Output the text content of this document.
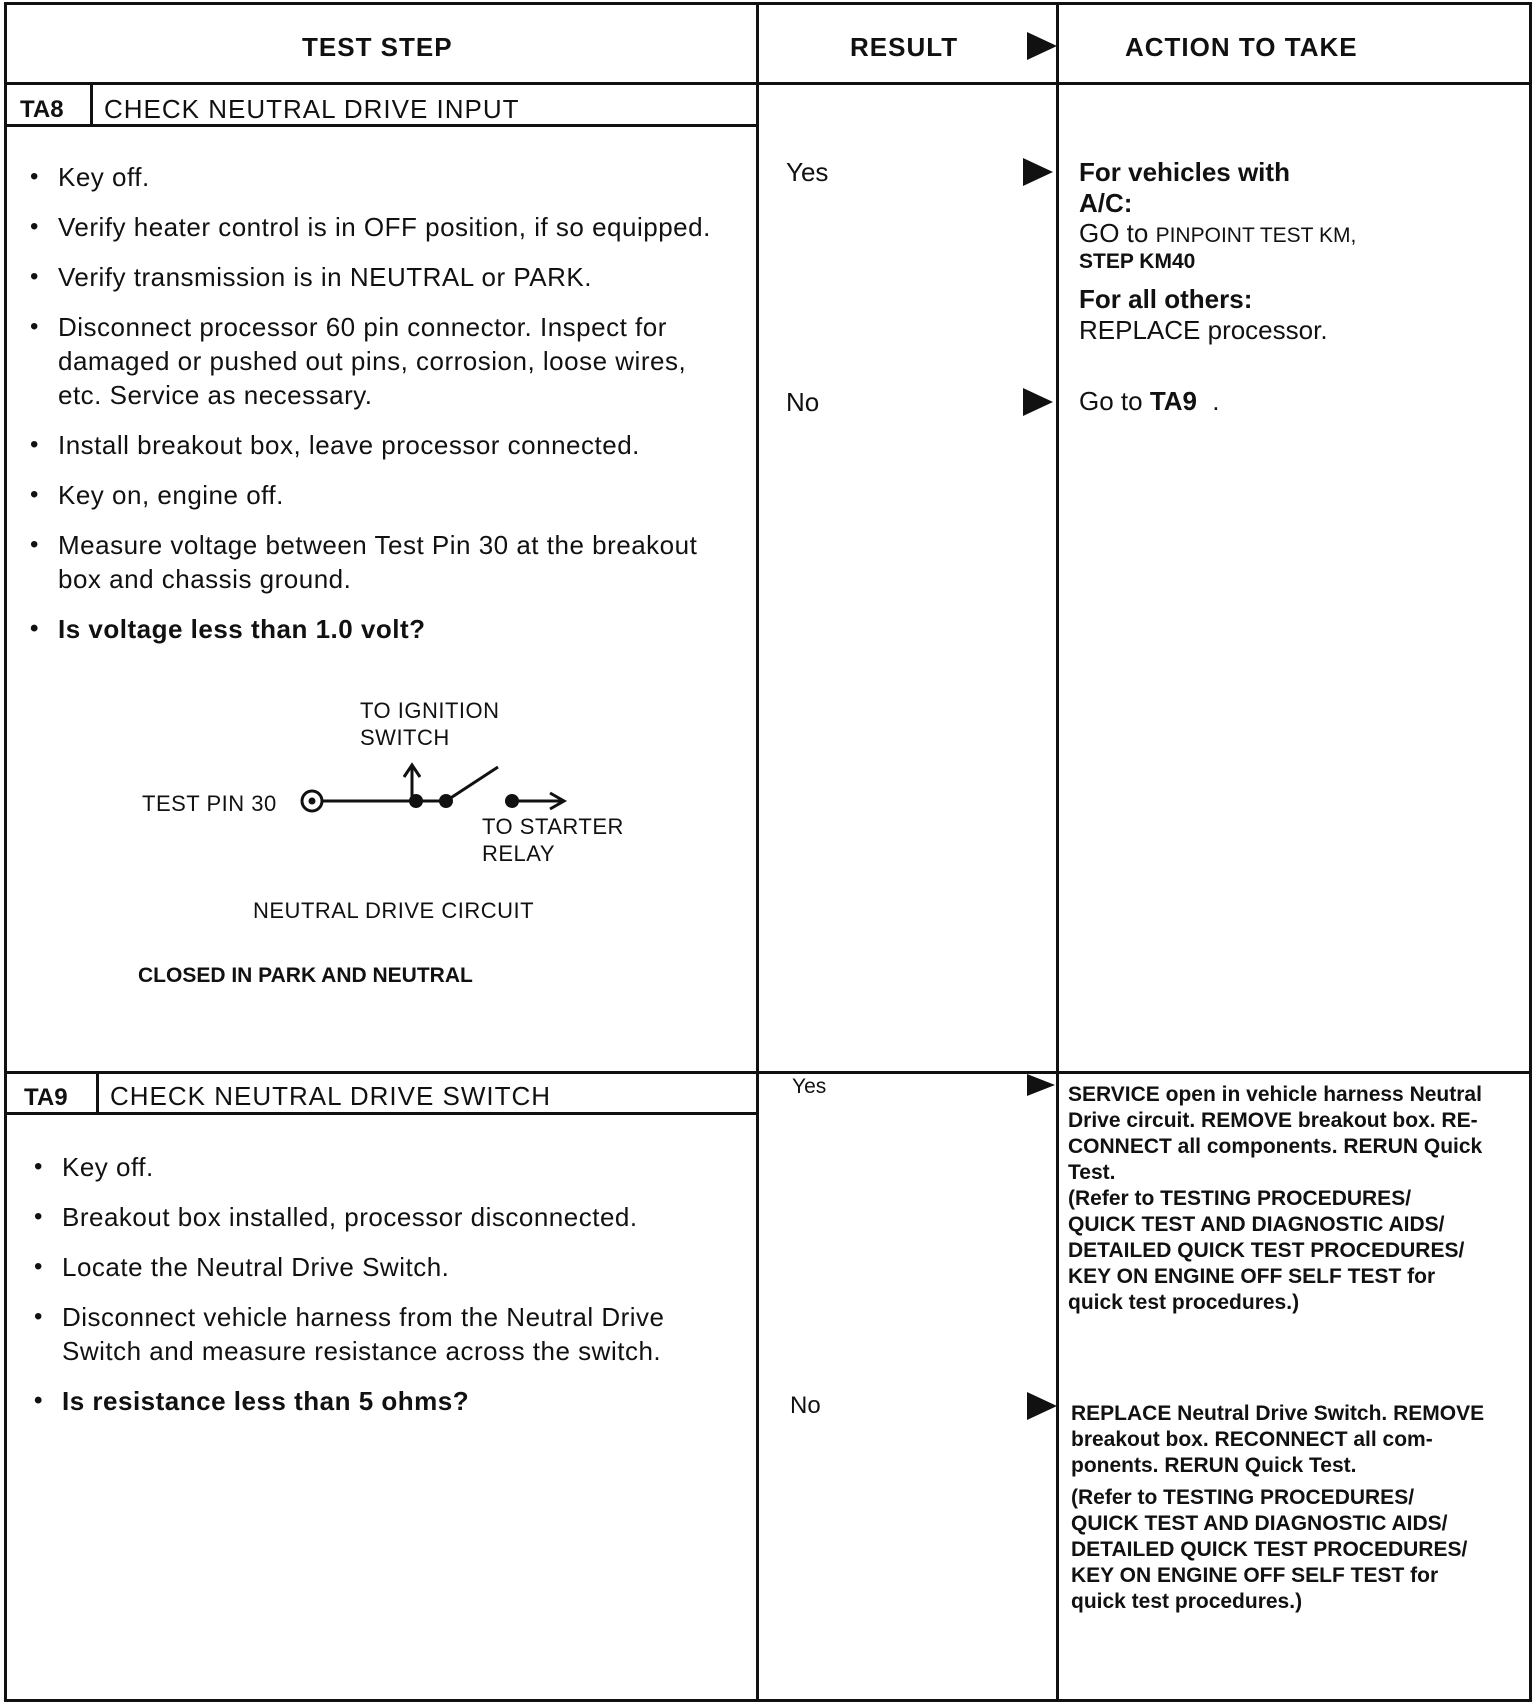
TEST STEP	RESULT	ACTION TO TAKE
TA8 CHECK NEUTRAL DRIVE INPUT
• Key off.
• Verify heater control is in OFF position, if so equipped.
• Verify transmission is in NEUTRAL or PARK.
• Disconnect processor 60 pin connector. Inspect for damaged or pushed out pins, corrosion, loose wires, etc. Service as necessary.
• Install breakout box, leave processor connected.
• Key on, engine off.
• Measure voltage between Test Pin 30 at the breakout box and chassis ground.
• Is voltage less than 1.0 volt?
TO IGNITION
SWITCH
TEST PIN 30
TO STARTER
RELAY
NEUTRAL DRIVE CIRCUIT
CLOSED IN PARK AND NEUTRAL
Yes
No
For vehicles with
A/C:
GO to PINPOINT TEST KM,
STEP KM40
For all others:
REPLACE processor.
Go to TA9 .
TA9 CHECK NEUTRAL DRIVE SWITCH
• Key off.
• Breakout box installed, processor disconnected.
• Locate the Neutral Drive Switch.
• Disconnect vehicle harness from the Neutral Drive Switch and measure resistance across the switch.
• Is resistance less than 5 ohms?
Yes
No
SERVICE open in vehicle harness Neutral
Drive circuit. REMOVE breakout box. RE-
CONNECT all components. RERUN Quick
Test.
(Refer to TESTING PROCEDURES/
QUICK TEST AND DIAGNOSTIC AIDS/
DETAILED QUICK TEST PROCEDURES/
KEY ON ENGINE OFF SELF TEST for
quick test procedures.)
REPLACE Neutral Drive Switch. REMOVE
breakout box. RECONNECT all com-
ponents. RERUN Quick Test.
(Refer to TESTING PROCEDURES/
QUICK TEST AND DIAGNOSTIC AIDS/
DETAILED QUICK TEST PROCEDURES/
KEY ON ENGINE OFF SELF TEST for
quick test procedures.)
